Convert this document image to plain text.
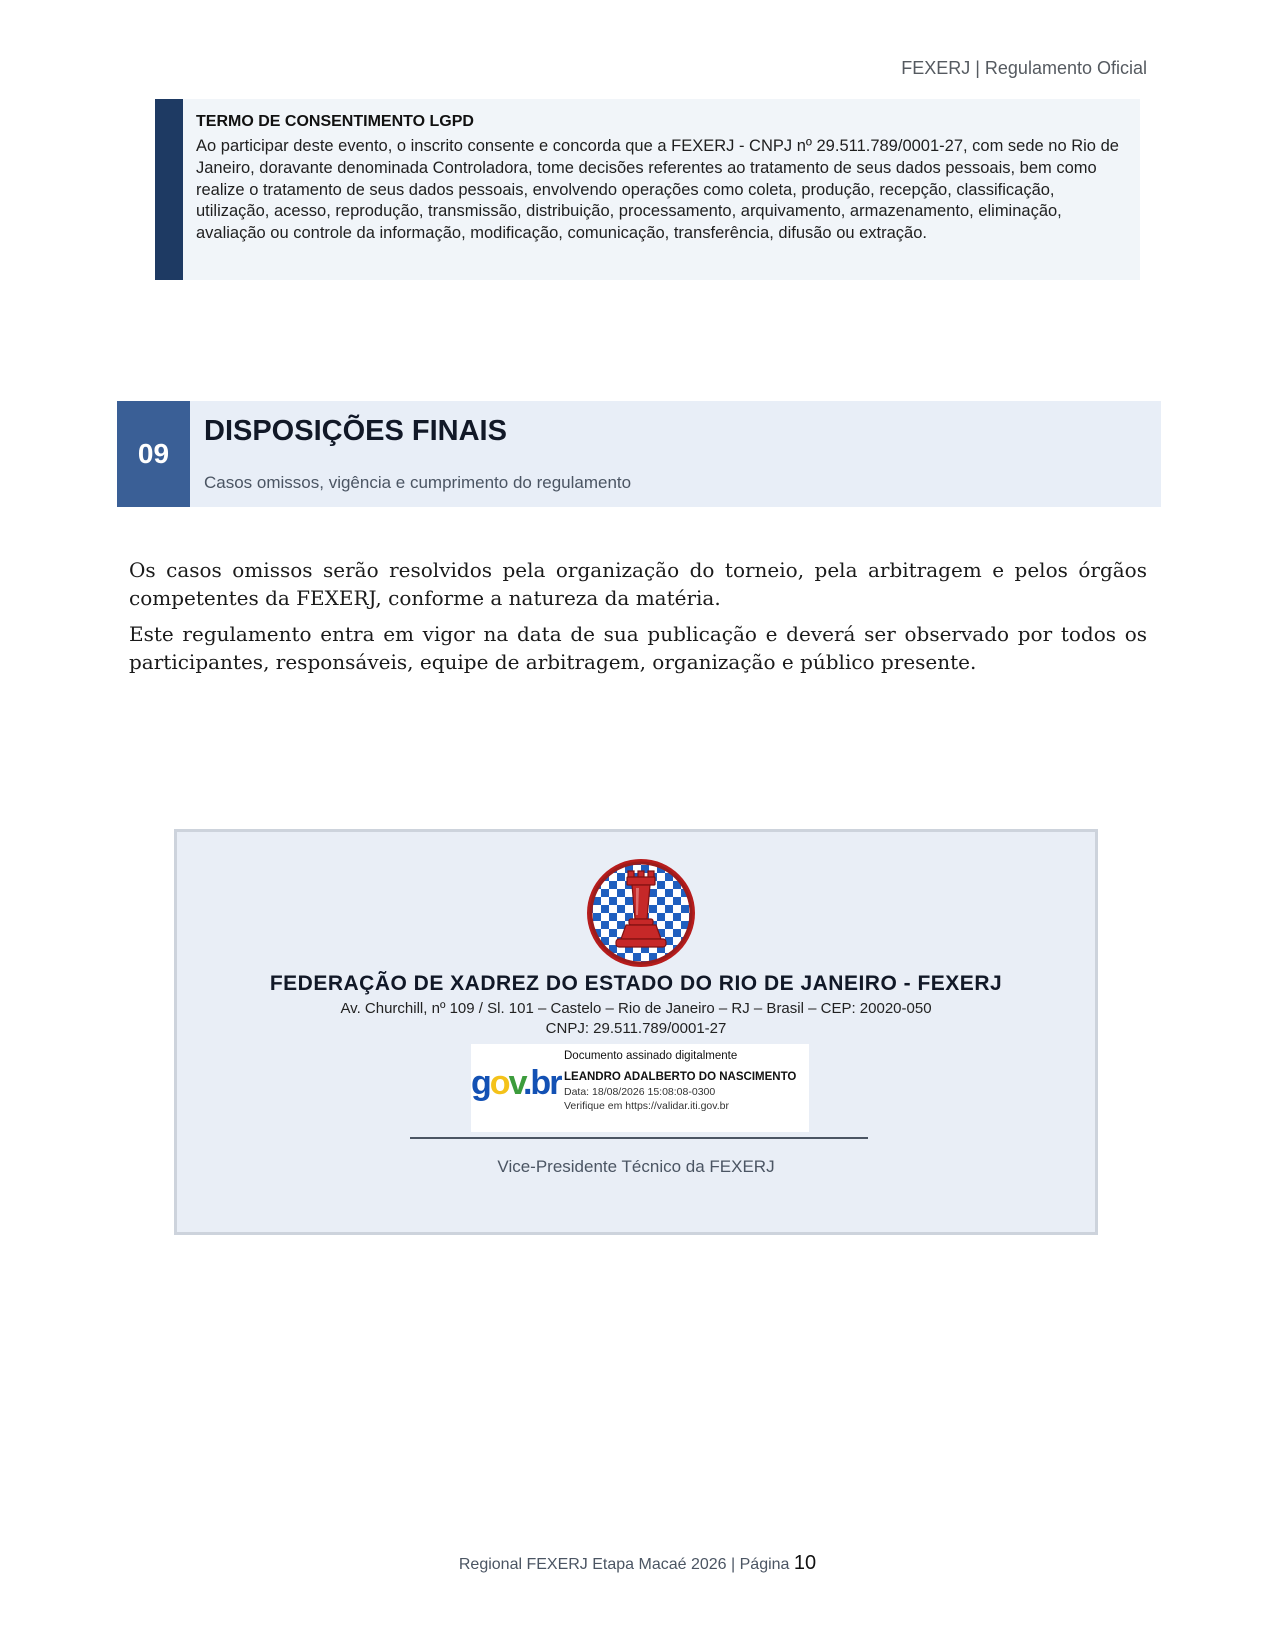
FEXERJ | Regulamento Oficial
TERMO DE CONSENTIMENTO LGPD
Ao participar deste evento, o inscrito consente e concorda que a FEXERJ - CNPJ nº 29.511.789/0001-27, com sede no Rio de Janeiro, doravante denominada Controladora, tome decisões referentes ao tratamento de seus dados pessoais, bem como realize o tratamento de seus dados pessoais, envolvendo operações como coleta, produção, recepção, classificação, utilização, acesso, reprodução, transmissão, distribuição, processamento, arquivamento, armazenamento, eliminação, avaliação ou controle da informação, modificação, comunicação, transferência, difusão ou extração.
09
DISPOSIÇÕES FINAIS
Casos omissos, vigência e cumprimento do regulamento

Os casos omissos serão resolvidos pela organização do torneio, pela arbitragem e pelos órgãos competentes da FEXERJ, conforme a natureza da matéria.

Este regulamento entra em vigor na data de sua publicação e deverá ser observado por todos os participantes, responsáveis, equipe de arbitragem, organização e público presente.

FEDERAÇÃO DE XADREZ DO ESTADO DO RIO DE JANEIRO - FEXERJ
Av. Churchill, nº 109 / Sl. 101 – Castelo – Rio de Janeiro – RJ – Brasil – CEP: 20020-050
CNPJ: 29.511.789/0001-27
gov.br
Documento assinado digitalmente
LEANDRO ADALBERTO DO NASCIMENTO
Data: 18/08/2026 15:08:08-0300
Verifique em https://validar.iti.gov.br
Vice-Presidente Técnico da FEXERJ
Regional FEXERJ Etapa Macaé 2026 | Página 10
